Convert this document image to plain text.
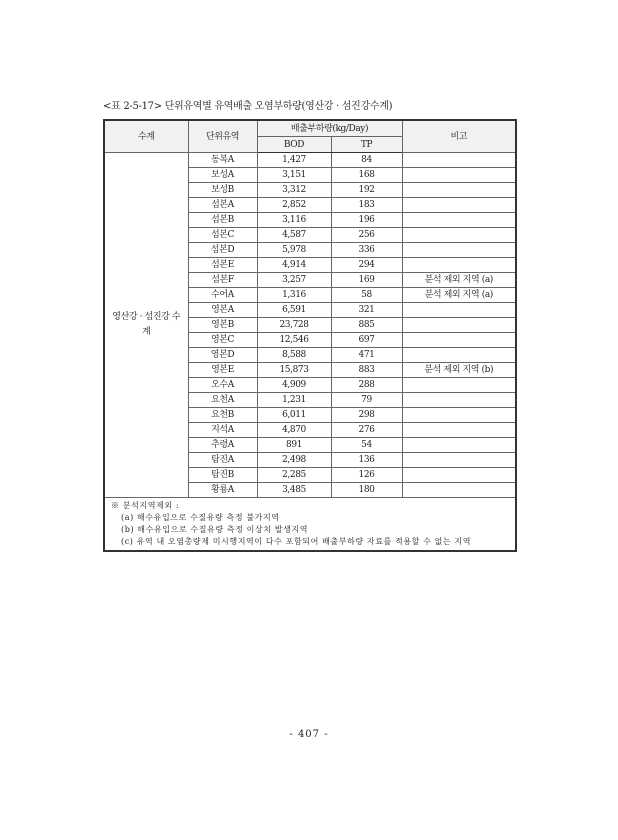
<표 2-5-17> 단위유역별 유역배출 오염부하량(영산강 · 섬진강수계)
수계	단위유역	배출부하량(kg/Day)		비고
		BOD	TP	
영산강 · 섬진강 수계	동복A	1,427	84	
	보성A	3,151	168	
	보성B	3,312	192	
	섬본A	2,852	183	
	섬본B	3,116	196	
	섬본C	4,587	256	
	섬본D	5,978	336	
	섬본E	4,914	294	
	섬본F	3,257	169	분석 제외 지역 (a)
	수어A	1,316	58	분석 제외 지역 (a)
	영본A	6,591	321	
	영본B	23,728	885	
	영본C	12,546	697	
	영본D	8,588	471	
	영본E	15,873	883	분석 제외 지역 (b)
	오수A	4,909	288	
	요천A	1,231	79	
	요천B	6,011	298	
	지석A	4,870	276	
	추령A	891	54	
	탐진A	2,498	136	
	탐진B	2,285	126	
	황룡A	3,485	180	

※ 분석지역제외 :
(a) 해수유입으로 수질유량 측정 불가지역
(b) 해수유입으로 수질유량 측정 이상치 발생지역
(c) 유역 내 오염총량제 미시행지역이 다수 포함되어 배출부하량 자료를 적용할 수 없는 지역				
- 407 -
